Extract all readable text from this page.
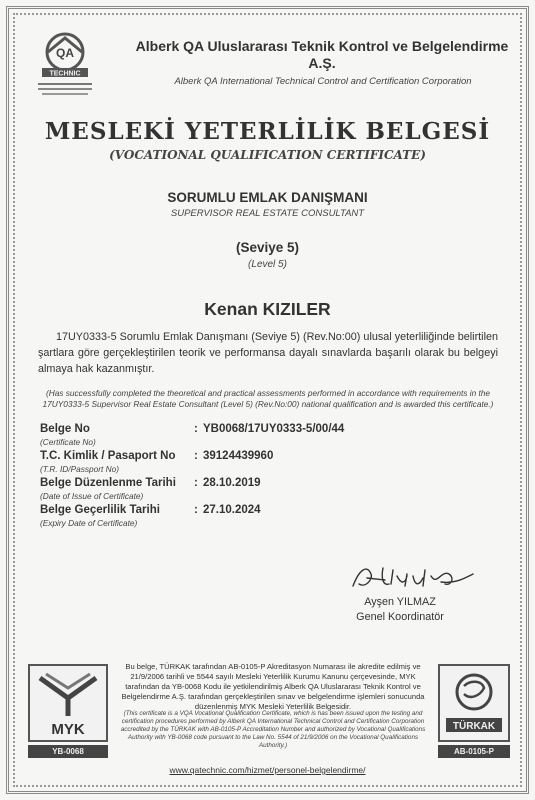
QA
TECHNIC
Alberk QA Uluslararası Teknik Kontrol ve Belgelendirme
A.Ş.
Alberk QA International Technical Control and Certification Corporation
MESLEKİ YETERLİLİK BELGESİ
(VOCATIONAL QUALIFICATION CERTIFICATE)
SORUMLU EMLAK DANIŞMANI
SUPERVISOR REAL ESTATE CONSULTANT
(Seviye 5)
(Level 5)
Kenan KIZILER
17UY0333-5 Sorumlu Emlak Danışmanı (Seviye 5) (Rev.No:00) ulusal yeterliliğinde belirtilen şartlara göre gerçekleştirilen teorik ve performansa dayalı sınavlarda başarılı olarak bu belgeyi almaya hak kazanmıştır.
(Has successfully completed the theoretical and practical assessments performed in accordance with requirements in the 17UY0333-5 Supervisor Real Estate Consultant (Level 5) (Rev.No:00) national qualification and is awarded this certificate.)
Belge No
(Certificate No)
: YB0068/17UY0333-5/00/44
T.C. Kimlik / Pasaport No
(T.R. ID/Passport No)
: 39124439960
Belge Düzenlenme Tarihi
(Date of Issue of Certificate)
: 28.10.2019
Belge Geçerlilik Tarihi
(Expiry Date of Certificate)
: 27.10.2024
Ayşen YILMAZ
Genel Koordinatör
MYK
YB-0068
Bu belge, TÜRKAK tarafından AB-0105-P Akreditasyon Numarası ile akredite edilmiş ve 21/9/2006 tarihli ve 5544 sayılı Mesleki Yeterlilik Kurumu Kanunu çerçevesinde, MYK tarafından da YB-0068 Kodu ile yetkilendirilmiş Alberk QA Uluslararası Teknik Kontrol ve Belgelendirme A.Ş. tarafından gerçekleştirilen sınav ve belgelendirme işlemleri sonucunda düzenlenmiş MYK Mesleki Yeterlilik Belgesidir.
(This certificate is a VQA Vocational Qualification Certificate, which is has been issued upon the testing and certification procedures performed by Alberk QA International Technical Control and Certification Corporation accredited by the TÜRKAK with AB-0105-P Accreditation Number and authorized by Vocational Qualifications Authority with YB-0068 code pursuant to the Law No. 5544 of 21/9/2006 on the Vocational Qualifications Authority.)
TÜRKAK
AB-0105-P
www.qatechnic.com/hizmet/personel-belgelendirme/
